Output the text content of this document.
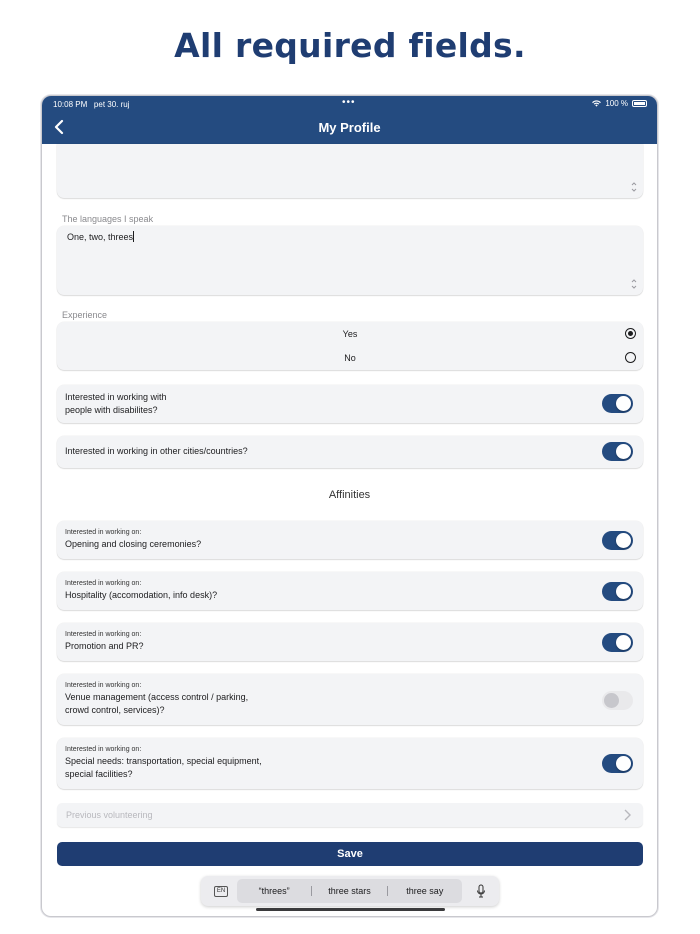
All required fields.
10:08 PM pet 30. ruj	•••	100 %
My Profile
The languages I speak
One, two, threes
Experience
Yes
No
Interested in working with
people with disabilites?
Interested in working in other cities/countries?
Affinities
Interested in working on:
Opening and closing ceremonies?
Interested in working on:
Hospitality (accomodation, info desk)?
Interested in working on:
Promotion and PR?
Interested in working on:
Venue management (access control / parking,
crowd control, services)?
Interested in working on:
Special needs: transportation, special equipment,
special facilities?
Previous volunteering
Save
EN	“threes”	three stars	three say
